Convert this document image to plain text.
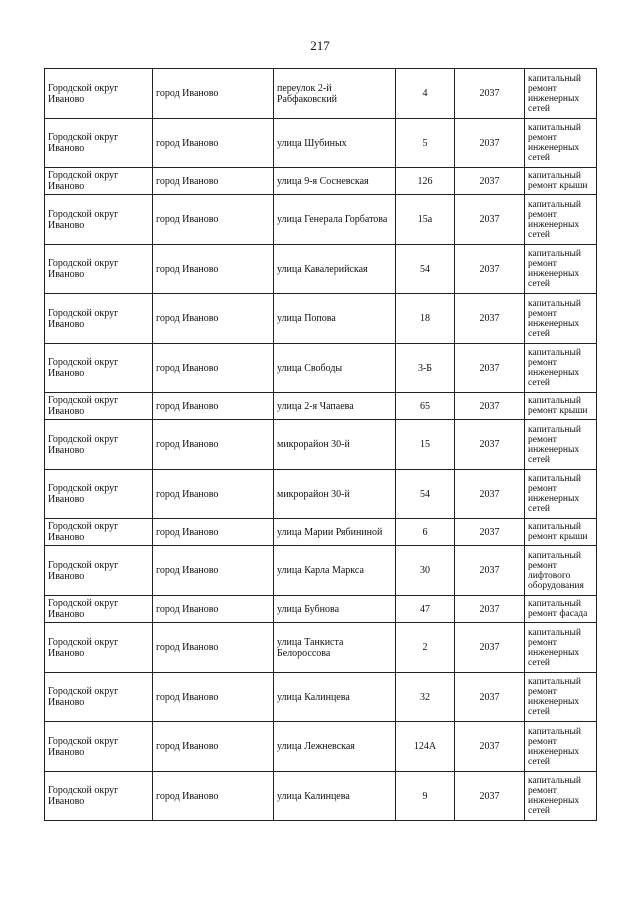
217
Городской округ Иваново	город Иваново	переулок 2-й Рабфаковский	4	2037	капитальный ремонт инженерных сетей
Городской округ Иваново	город Иваново	улица Шубиных	5	2037	капитальный ремонт инженерных сетей
Городской округ Иваново	город Иваново	улица 9-я Сосневская	126	2037	капитальный ремонт крыши
Городской округ Иваново	город Иваново	улица Генерала Горбатова	15а	2037	капитальный ремонт инженерных сетей
Городской округ Иваново	город Иваново	улица Кавалерийская	54	2037	капитальный ремонт инженерных сетей
Городской округ Иваново	город Иваново	улица Попова	18	2037	капитальный ремонт инженерных сетей
Городской округ Иваново	город Иваново	улица Свободы	3-Б	2037	капитальный ремонт инженерных сетей
Городской округ Иваново	город Иваново	улица 2-я Чапаева	65	2037	капитальный ремонт крыши
Городской округ Иваново	город Иваново	микрорайон 30-й	15	2037	капитальный ремонт инженерных сетей
Городской округ Иваново	город Иваново	микрорайон 30-й	54	2037	капитальный ремонт инженерных сетей
Городской округ Иваново	город Иваново	улица Марии Рябининой	6	2037	капитальный ремонт крыши
Городской округ Иваново	город Иваново	улица Карла Маркса	30	2037	капитальный ремонт лифтового оборудования
Городской округ Иваново	город Иваново	улица Бубнова	47	2037	капитальный ремонт фасада
Городской округ Иваново	город Иваново	улица Танкиста Белороссова	2	2037	капитальный ремонт инженерных сетей
Городской округ Иваново	город Иваново	улица Калинцева	32	2037	капитальный ремонт инженерных сетей
Городской округ Иваново	город Иваново	улица Лежневская	124А	2037	капитальный ремонт инженерных сетей
Городской округ Иваново	город Иваново	улица Калинцева	9	2037	капитальный ремонт инженерных сетей
